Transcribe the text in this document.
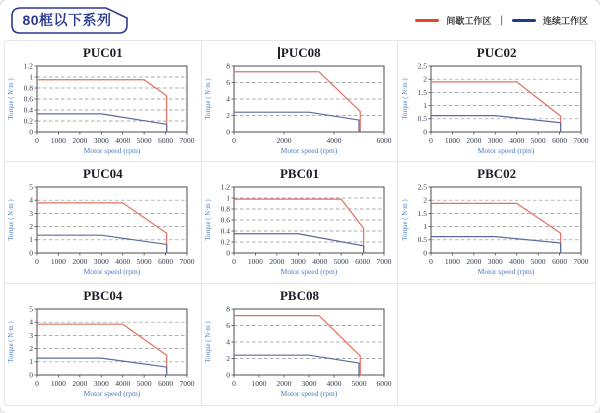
80框以下系列	间歇工作区 |	连续工作区
PUC01
0
0.2
0.4
0.6
0.8
1
1.2
0 1000 2000 3000 4000 5000 6000 7000
Motor speed (rpm)
Torque ( N·m )
PUC08
0
2
4
6
8
0	2000	4000	6000
Motor speed (rpm)
Torque ( N·m )
PUC02
0
0.5
1
1.5
2
2.5
0 1000 2000 3000 4000 5000 6000 7000
Motor speed (rpm)
Torque ( N·m )
PUC04
0
1
2
3
4
5
0 1000 2000 3000 4000 5000 6000 7000
Motor speed (rpm)
Torque ( N·m )
PBC01
0
0.2
0.4
0.6
0.8
1
1.2
0 1000 2000 3000 4000 5000 6000 7000
Motor speed (rpm)
Torque ( N·m )
PBC02
0
0.5
1
1.5
2
2.5
0 1000 2000 3000 4000 5000 6000 7000
Motor speed (rpm)
Torque ( N·m )
PBC04
0
1
2
3
4
5
0 1000 2000 3000 4000 5000 6000 7000
Motor speed (rpm)
Torque ( N·m )
PBC08
0
2
4
6
8
0 1000 2000 3000 4000 5000 6000
Motor speed (rpm)
Torque ( N·m )
